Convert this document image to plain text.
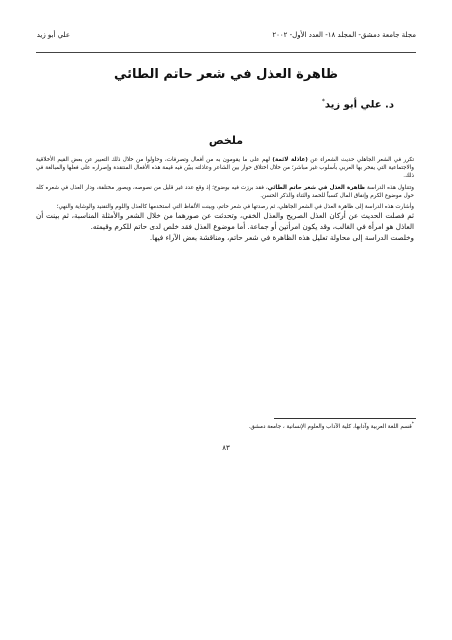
مجلة جامعة دمشق- المجلد ١٨- العدد الأول- ٢٠٠٢
علي أبو زيد
ظاهرة العذل في شعر حاتم الطائي
د. علي أبو زيد*
ملخص

تكرر في الشعر الجاهلي حديث الشعراء عن (عاذلة لائمة) لهم على ما يقومون به من أفعال وتصرفات، وحاولوا من خلال ذلك التعبير عن بعض القيم الأخلاقية والاجتماعية التي يفخر بها العربي بأسلوب غير مباشر؛ من خلال اختلاق حوار بين الشاعر وعاذلته يبيّن فيه قيمة هذه الأفعال المنتقدة وإصراره على فعلها والمبالغة في ذلك.

وتتناول هذه الدراسة ظاهرة العذل في شعر حاتم الطائي، فقد برزت فيه بوضوح؛ إذ وقع عدد غير قليل من نصوصه، ويصور مختلفة، ودار العذل في شعره كله حول موضوع الكرم وإنفاق المال كسباً للحمد والثناء والذكر الحسن.

وأشارت هذه الدراسة إلى ظاهرة العذل في الشعر الجاهلي، ثم رصدتها في شعر حاتم، وبينت الألفاظ التي استخدمها كالعذل واللوم والتفنيد والوشاية والنهي؛

ثم فصلت الحديث عن أركان العذل الصريح والعذل الخفي، وتحدثت عن صورهما من خلال الشعر والأمثلة المناسبة، ثم بينت أن العاذل هو امرأة في الغالب، وقد يكون امرأتين أو جماعة. أما موضوع العذل فقد خلص لدى حاتم للكرم وقيمته.

وخلصت الدراسة إلى محاولة تعليل هذه الظاهرة في شعر حاتم، ومناقشة بعض الآراء فيها.

*قسم اللغة العربية وآدابها، كلية الآداب والعلوم الإنسانية ، جامعة دمشق.
٨٣
